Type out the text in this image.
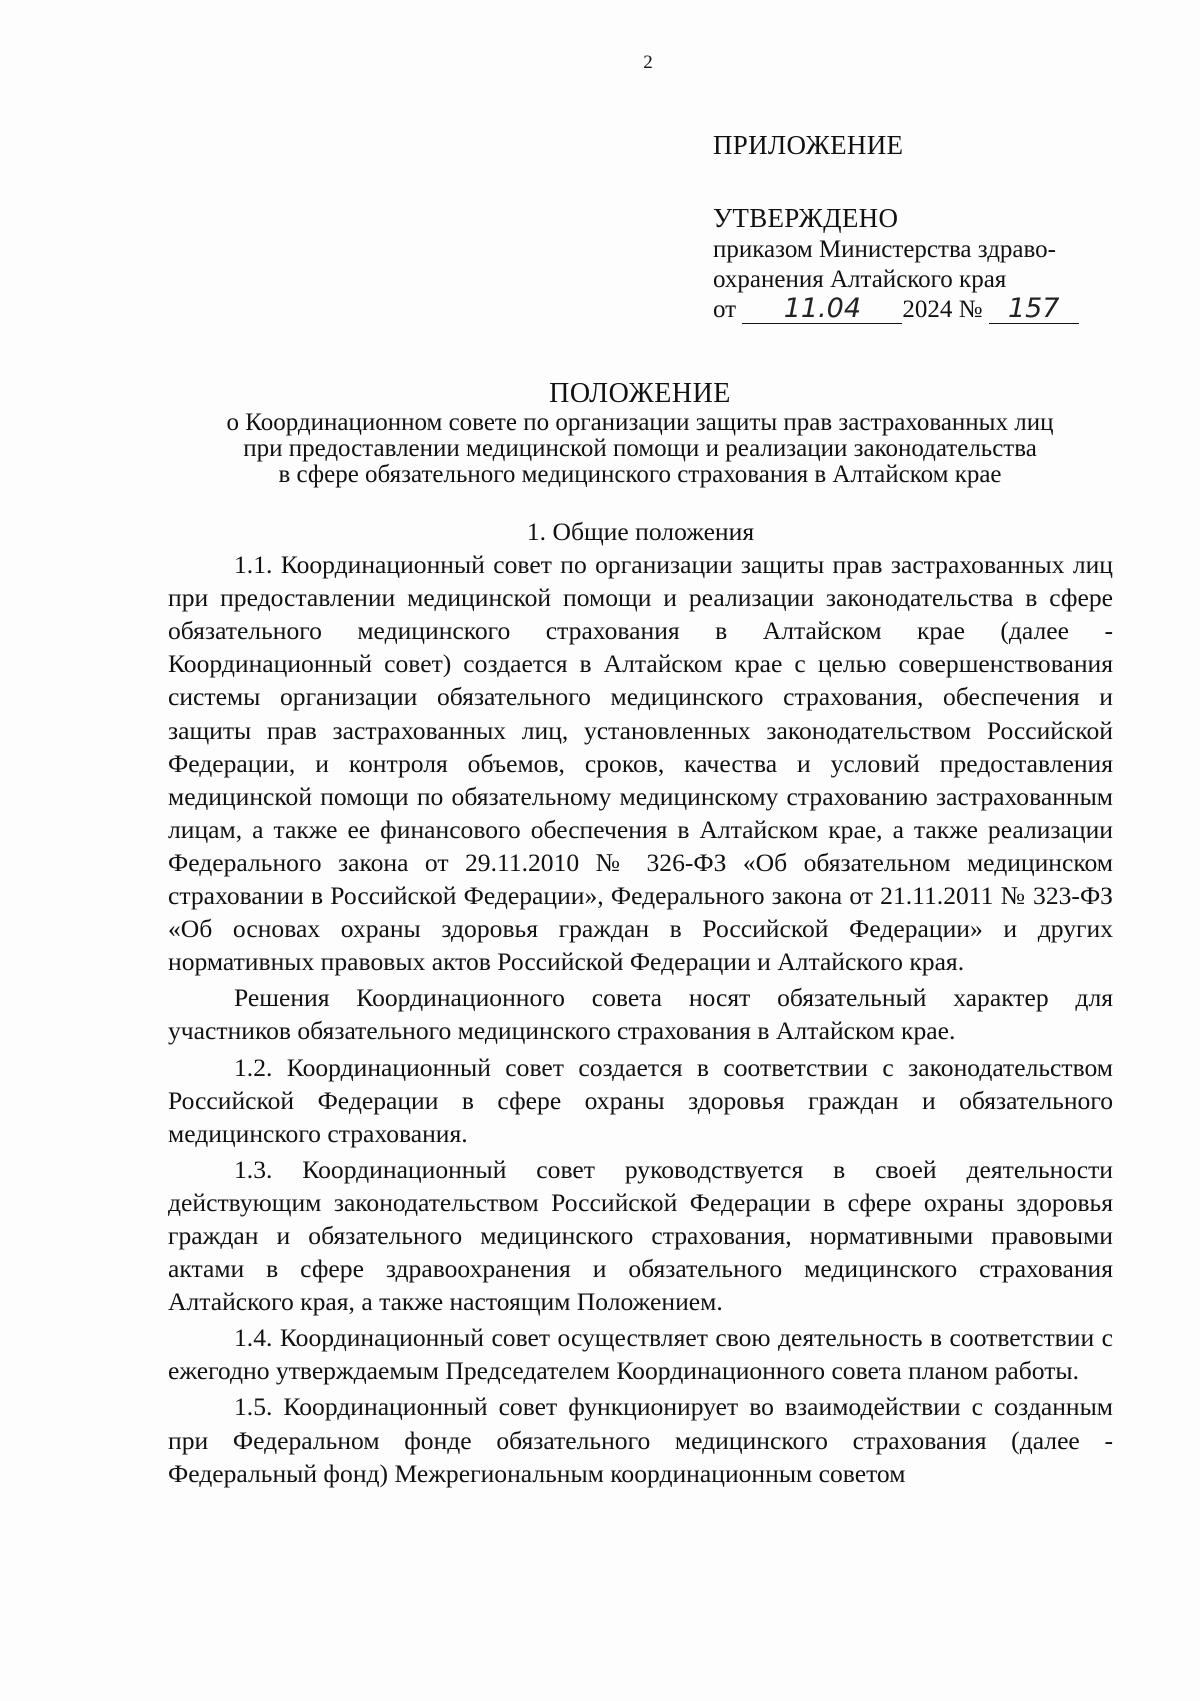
2
ПРИЛОЖЕНИЕ
УТВЕРЖДЕНО
приказом Министерства здраво-
охранения Алтайского края
от 11.04 2024 № 157
ПОЛОЖЕНИЕ
о Координационном совете по организации защиты прав застрахованных лиц
при предоставлении медицинской помощи и реализации законодательства
в сфере обязательного медицинского страхования в Алтайском крае

1. Общие положения

1.1. Координационный совет по организации защиты прав застрахованных лиц при предоставлении медицинской помощи и реализации законодательства в сфере обязательного медицинского страхования в Алтайском крае (далее - Координационный совет) создается в Алтайском крае с целью совершенствования системы организации обязательного медицинского страхования, обеспечения и защиты прав застрахованных лиц, установленных законодательством Российской Федерации, и контроля объемов, сроков, качества и условий предоставления медицинской помощи по обязательному медицинскому страхованию застрахованным лицам, а также ее финансового обеспечения в Алтайском крае, а также реализации Федерального закона от 29.11.2010 № 326-ФЗ «Об обязательном медицинском страховании в Российской Федерации», Федерального закона от 21.11.2011 № 323-ФЗ «Об основах охраны здоровья граждан в Российской Федерации» и других нормативных правовых актов Российской Федерации и Алтайского края.

Решения Координационного совета носят обязательный характер для участников обязательного медицинского страхования в Алтайском крае.

1.2. Координационный совет создается в соответствии с законодательством Российской Федерации в сфере охраны здоровья граждан и обязательного медицинского страхования.

1.3. Координационный совет руководствуется в своей деятельности действующим законодательством Российской Федерации в сфере охраны здоровья граждан и обязательного медицинского страхования, нормативными правовыми актами в сфере здравоохранения и обязательного медицинского страхования Алтайского края, а также настоящим Положением.

1.4. Координационный совет осуществляет свою деятельность в соответствии с ежегодно утверждаемым Председателем Координационного совета планом работы.

1.5. Координационный совет функционирует во взаимодействии с созданным при Федеральном фонде обязательного медицинского страхования (далее - Федеральный фонд) Межрегиональным координационным советом
